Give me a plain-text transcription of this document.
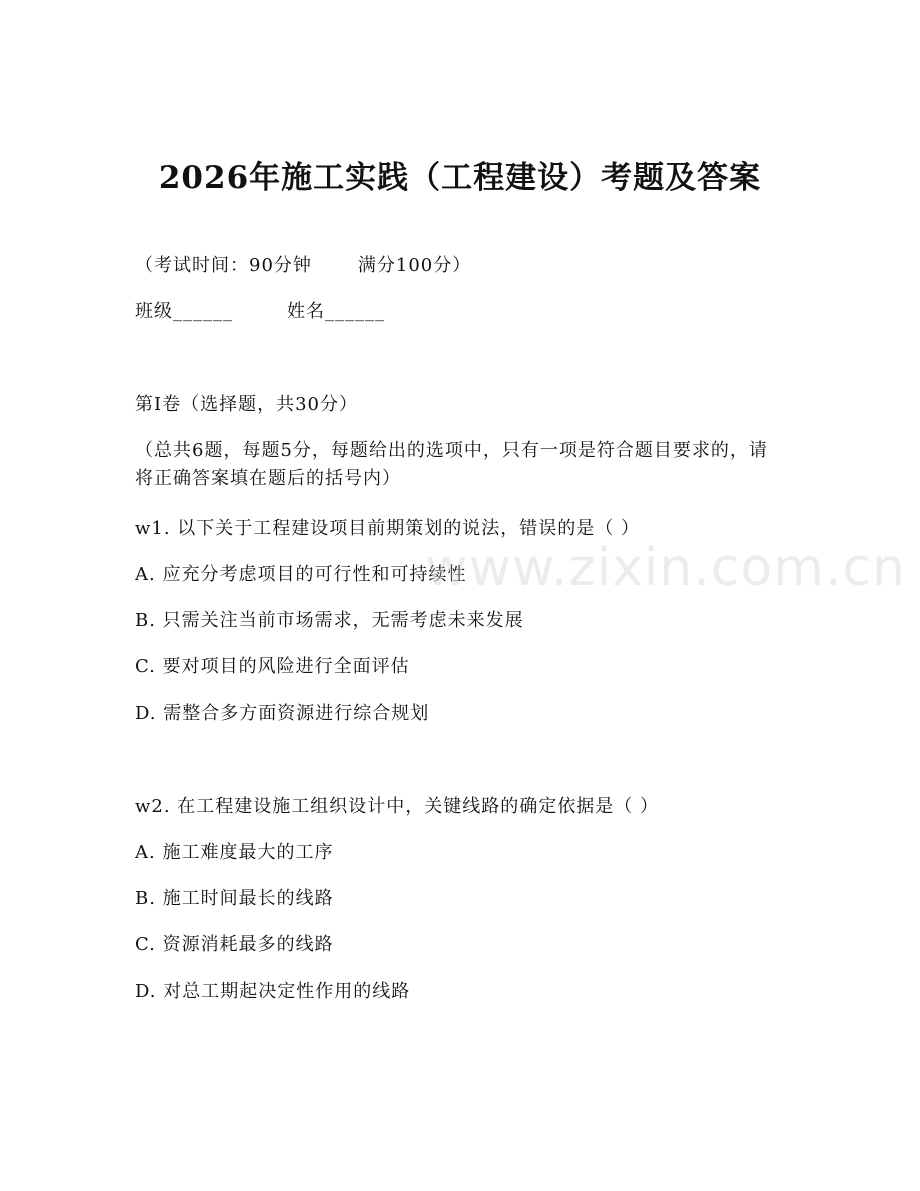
2026年施工实践（工程建设）考题及答案
（考试时间：90分钟	满分100分）
班级______	姓名______
第Ⅰ卷（选择题，共30分）
（总共6题，每题5分，每题给出的选项中，只有一项是符合题目要求的，请将正确答案填在题后的括号内）
w1. 以下关于工程建设项目前期策划的说法，错误的是（ ）
A. 应充分考虑项目的可行性和可持续性
B. 只需关注当前市场需求，无需考虑未来发展
C. 要对项目的风险进行全面评估
D. 需整合多方面资源进行综合规划
w2. 在工程建设施工组织设计中，关键线路的确定依据是（ ）
A. 施工难度最大的工序
B. 施工时间最长的线路
C. 资源消耗最多的线路
D. 对总工期起决定性作用的线路
www.zixin.com.cn
